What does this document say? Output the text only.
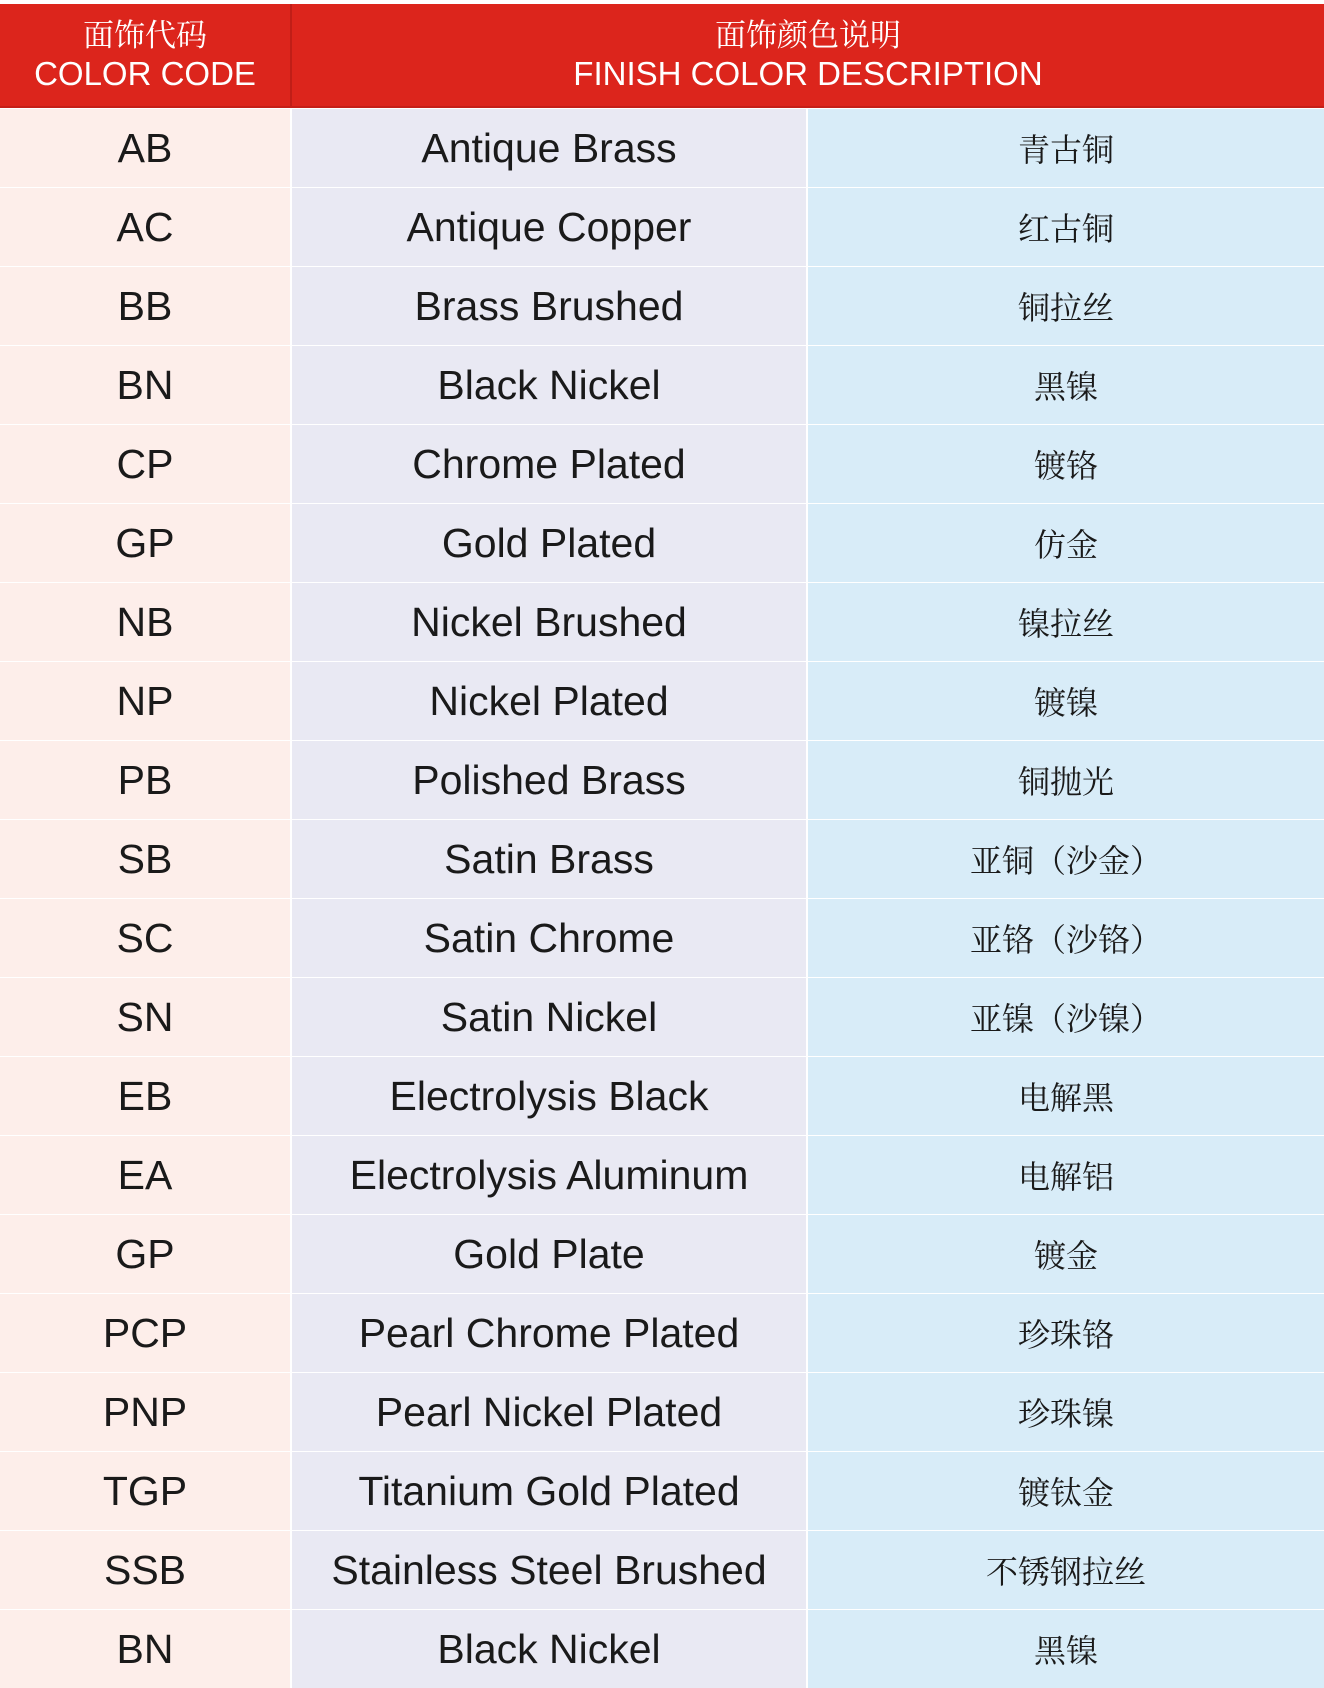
面饰代码
COLOR CODE
面饰颜色说明
FINISH COLOR DESCRIPTION
AB	Antique Brass	青古铜
AC	Antique Copper	红古铜
BB	Brass Brushed	铜拉丝
BN	Black Nickel	黑镍
CP	Chrome Plated	镀铬
GP	Gold Plated	仿金
NB	Nickel Brushed	镍拉丝
NP	Nickel Plated	镀镍
PB	Polished Brass	铜抛光
SB	Satin Brass	亚铜（沙金）
SC	Satin Chrome	亚铬（沙铬）
SN	Satin Nickel	亚镍（沙镍）
EB	Electrolysis Black	电解黑
EA	Electrolysis Aluminum	电解铝
GP	Gold Plate	镀金
PCP	Pearl Chrome Plated	珍珠铬
PNP	Pearl Nickel Plated	珍珠镍
TGP	Titanium Gold Plated	镀钛金
SSB	Stainless Steel Brushed	不锈钢拉丝
BN	Black Nickel	黑镍
